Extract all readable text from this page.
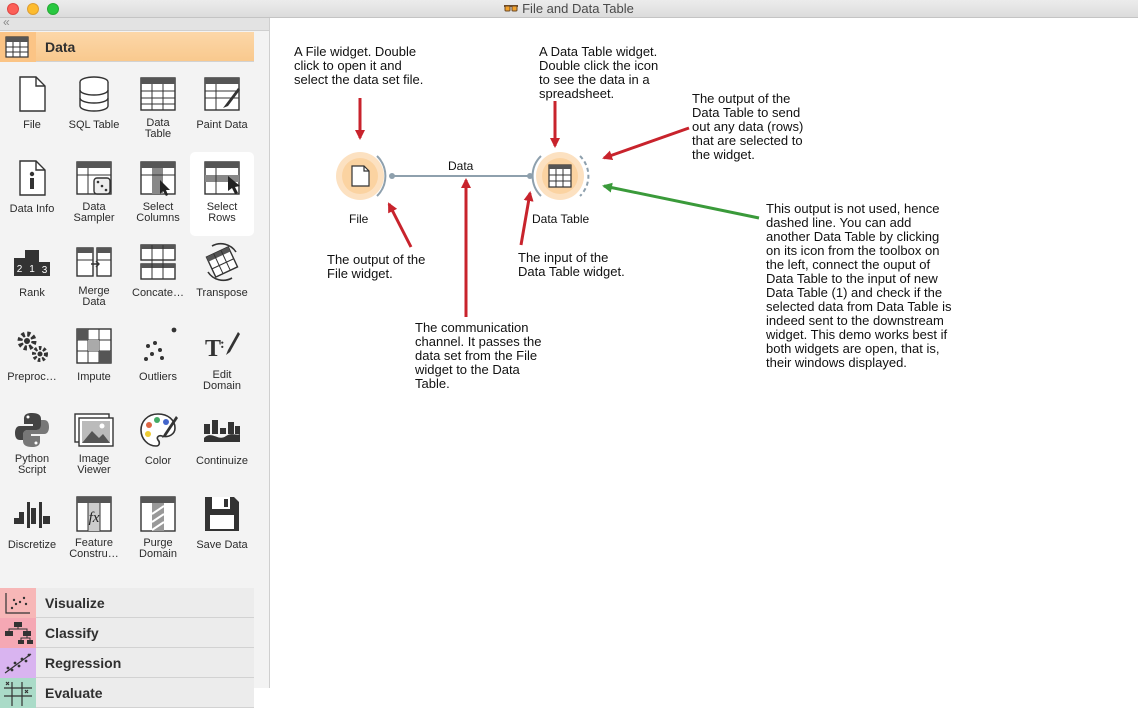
File and Data Table
«
Data
File	SQL Table	Data
Table
Paint Data
Data Info	Data
Sampler
Select
Columns
Select
Rows
2 1 3
Rank	Merge
Data
Concate…	Transpose
Preproc…	Impute	Outliers
T
:
Edit
Domain
Python
Script
Image
Viewer
Color	Continuize
Discretize
fx
Feature
Constru…
Purge
Domain
Save Data
Visualize
Classify
Regression
Evaluate
File	Data Table
Data
A File widget. Double
click to open it and
select the data set file.
A Data Table widget.
Double click the icon
to see the data in a
spreadsheet.	The output of the
Data Table to send
out any data (rows)
that are selected to
the widget.
This output is not used, hence
dashed line. You can add
another Data Table by clicking
on its icon from the toolbox on
the left, connect the ouput of
Data Table to the input of new
Data Table (1) and check if the
selected data from Data Table is
indeed sent to the downstream
widget. This demo works best if
both widgets are open, that is,
their windows displayed.
The output of the
File widget.
The input of the
Data Table widget.
The communication
channel. It passes the
data set from the File
widget to the Data
Table.
